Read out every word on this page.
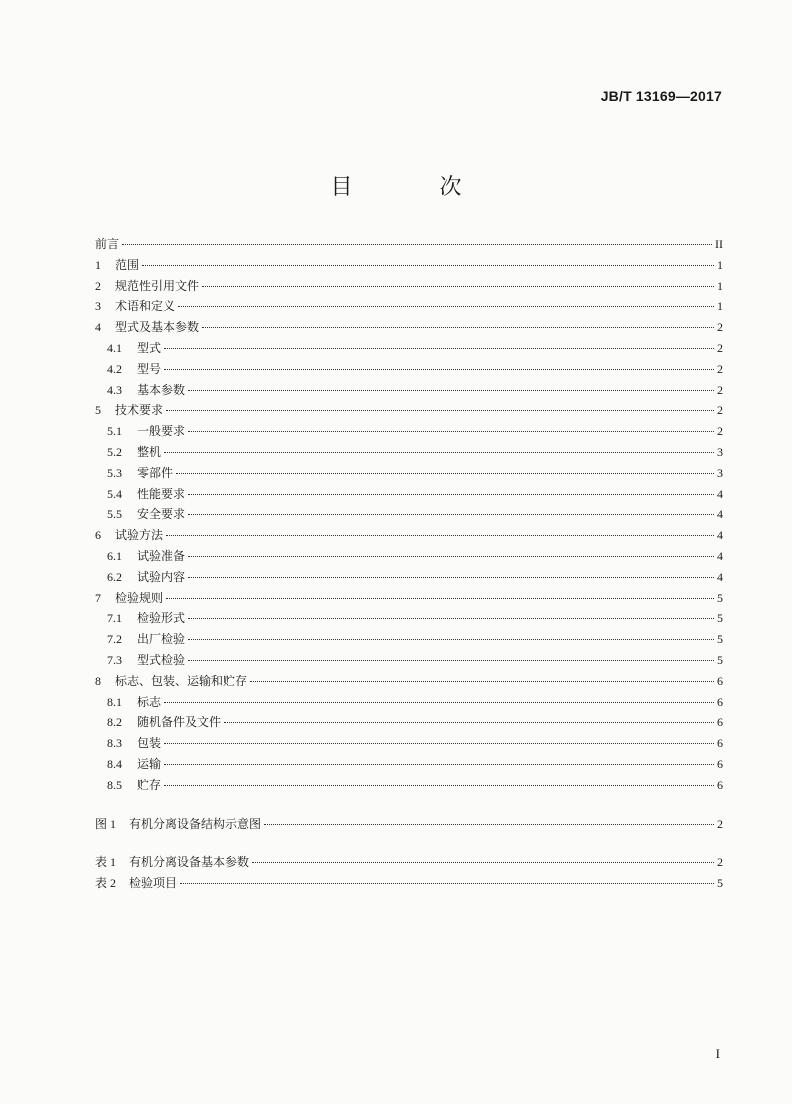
JB/T 13169—2017
目 次
前言	II
1	范围	1
2	规范性引用文件	1
3	术语和定义	1
4	型式及基本参数	2
4.1	型式	2
4.2	型号	2
4.3	基本参数	2
5	技术要求	2
5.1	一般要求	2
5.2	整机	3
5.3	零部件	3
5.4	性能要求	4
5.5	安全要求	4
6	试验方法	4
6.1	试验准备	4
6.2	试验内容	4
7	检验规则	5
7.1	检验形式	5
7.2	出厂检验	5
7.3	型式检验	5
8	标志、包装、运输和贮存	6
8.1	标志	6
8.2	随机备件及文件	6
8.3	包装	6
8.4	运输	6
8.5	贮存	6
图 1	有机分离设备结构示意图	2
表 1	有机分离设备基本参数	2
表 2	检验项目	5
I
